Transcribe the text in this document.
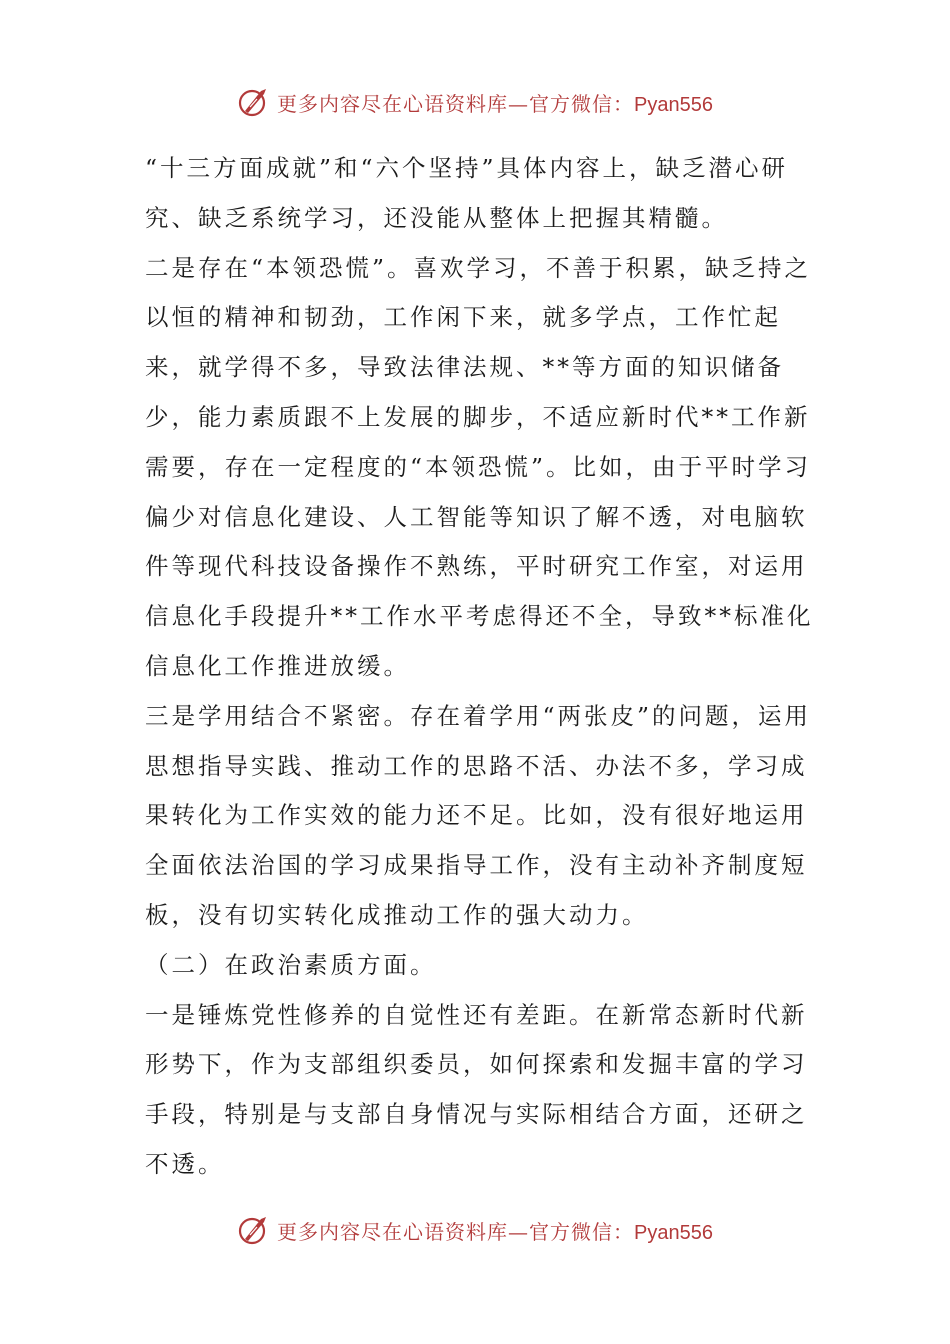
更多内容尽在心语资料库—官方微信：Pyan556

“十三方面成就”和“六个坚持”具体内容上，缺乏潜心研究、缺乏系统学习，还没能从整体上把握其精髓。

二是存在“本领恐慌”。喜欢学习，不善于积累，缺乏持之以恒的精神和韧劲，工作闲下来，就多学点，工作忙起来，就学得不多，导致法律法规、**等方面的知识储备少，能力素质跟不上发展的脚步，不适应新时代**工作新需要，存在一定程度的“本领恐慌”。比如，由于平时学习偏少对信息化建设、人工智能等知识了解不透，对电脑软件等现代科技设备操作不熟练，平时研究工作室，对运用信息化手段提升**工作水平考虑得还不全，导致**标准化信息化工作推进放缓。

三是学用结合不紧密。存在着学用“两张皮”的问题，运用思想指导实践、推动工作的思路不活、办法不多，学习成果转化为工作实效的能力还不足。比如，没有很好地运用全面依法治国的学习成果指导工作，没有主动补齐制度短板，没有切实转化成推动工作的强大动力。

（二）在政治素质方面。

一是锤炼党性修养的自觉性还有差距。在新常态新时代新形势下，作为支部组织委员，如何探索和发掘丰富的学习手段，特别是与支部自身情况与实际相结合方面，还研之不透。

更多内容尽在心语资料库—官方微信：Pyan556
